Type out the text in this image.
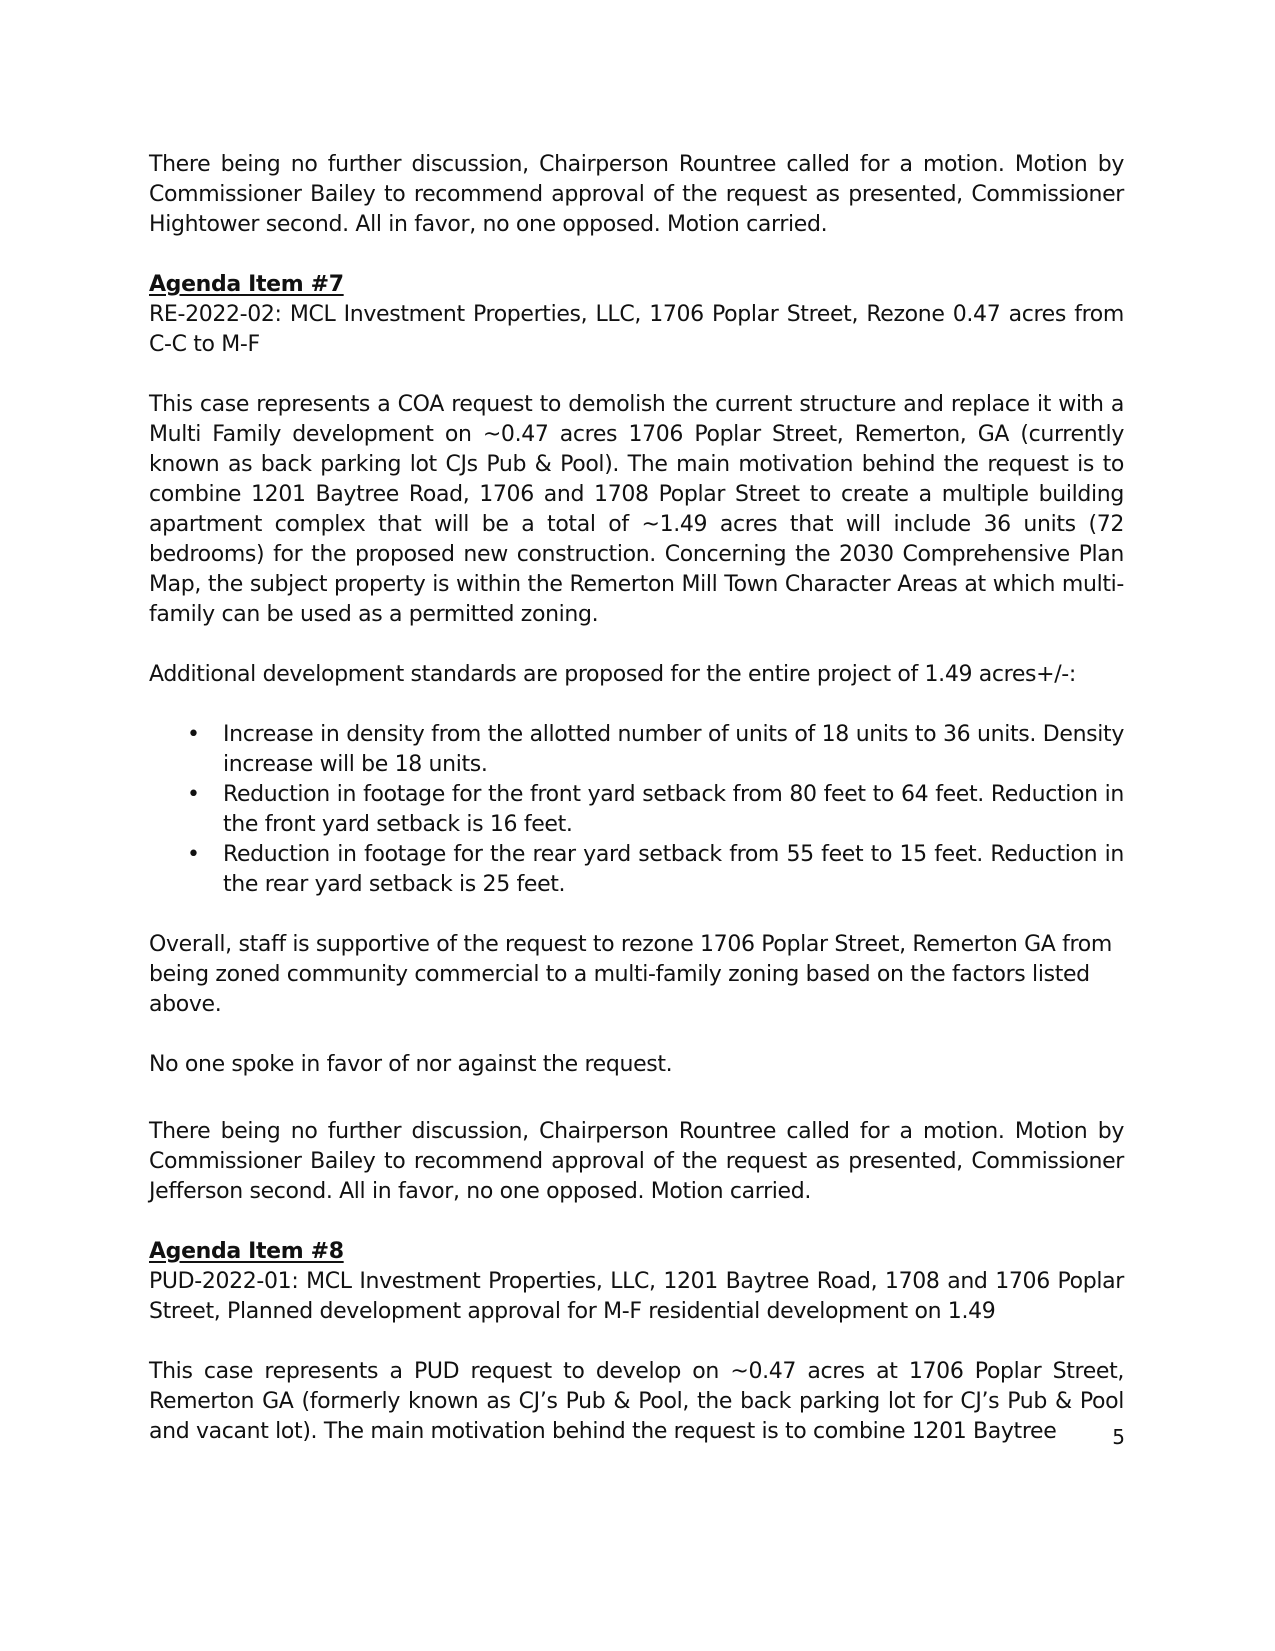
There being no further discussion, Chairperson Rountree called for a motion. Motion by Commissioner Bailey to recommend approval of the request as presented, Commissioner Hightower second. All in favor, no one opposed. Motion carried.

Agenda Item #7

RE-2022-02: MCL Investment Properties, LLC, 1706 Poplar Street, Rezone 0.47 acres from C-C to M-F

This case represents a COA request to demolish the current structure and replace it with a Multi Family development on ~0.47 acres 1706 Poplar Street, Remerton, GA (currently known as back parking lot CJs Pub & Pool). The main motivation behind the request is to combine 1201 Baytree Road, 1706 and 1708 Poplar Street to create a multiple building apartment complex that will be a total of ~1.49 acres that will include 36 units (72 bedrooms) for the proposed new construction. Concerning the 2030 Comprehensive Plan Map, the subject property is within the Remerton Mill Town Character Areas at which multi-family can be used as a permitted zoning.

Additional development standards are proposed for the entire project of 1.49 acres+/-:

• Increase in density from the allotted number of units of 18 units to 36 units. Density increase will be 18 units.
• Reduction in footage for the front yard setback from 80 feet to 64 feet. Reduction in the front yard setback is 16 feet.
• Reduction in footage for the rear yard setback from 55 feet to 15 feet. Reduction in the rear yard setback is 25 feet.

Overall, staff is supportive of the request to rezone 1706 Poplar Street, Remerton GA from being zoned community commercial to a multi-family zoning based on the factors listed above.

No one spoke in favor of nor against the request.

There being no further discussion, Chairperson Rountree called for a motion. Motion by Commissioner Bailey to recommend approval of the request as presented, Commissioner Jefferson second. All in favor, no one opposed. Motion carried.

Agenda Item #8

PUD-2022-01: MCL Investment Properties, LLC, 1201 Baytree Road, 1708 and 1706 Poplar Street, Planned development approval for M-F residential development on 1.49

This case represents a PUD request to develop on ~0.47 acres at 1706 Poplar Street, Remerton GA (formerly known as CJ’s Pub & Pool, the back parking lot for CJ’s Pub & Pool and vacant lot). The main motivation behind the request is to combine 1201 Baytree	5
